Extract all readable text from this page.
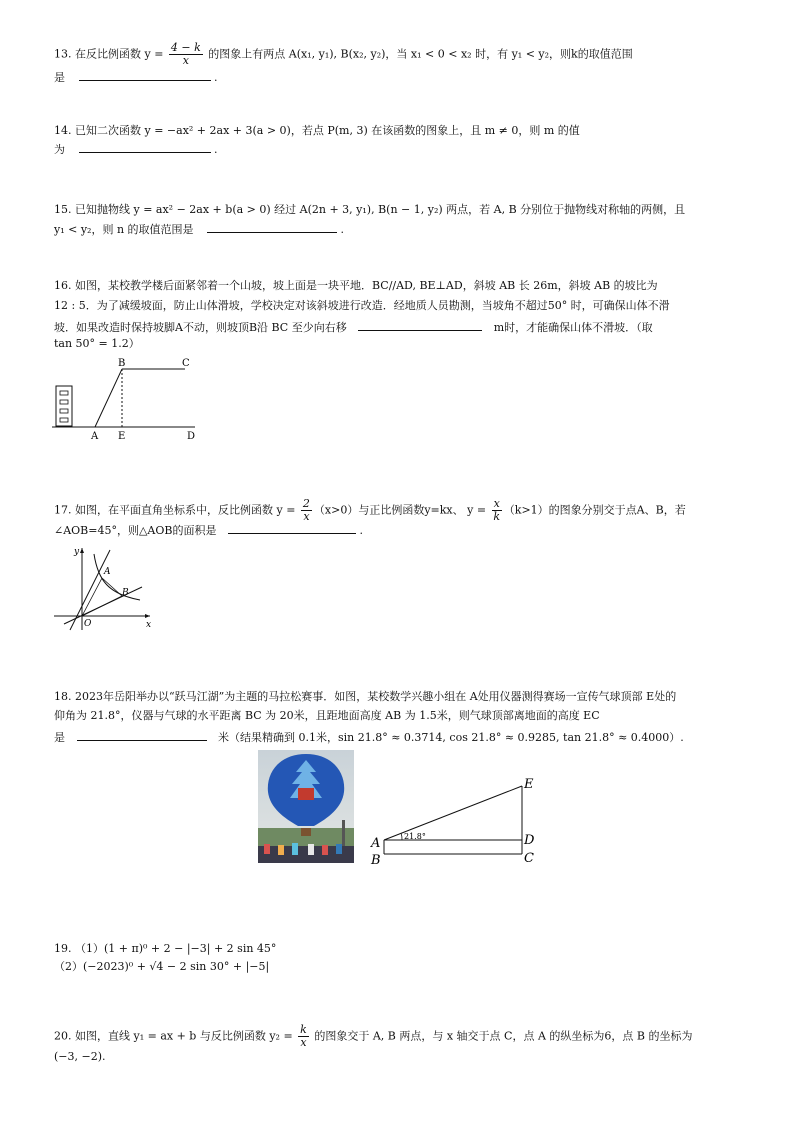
13. 在反比例函数 $y = \frac{4 - k}{x}$ 的图象上有两点 A(x₁, y₁), B(x₂, y₂)，当 x₁ < 0 < x₂ 时，有 y₁ < y₂，则k的取值范围
是	.
14. 已知二次函数 y = −ax² + 2ax + 3(a > 0)，若点 P(m, 3) 在该函数的图象上，且 m ≠ 0，则 m 的值
为	.
15. 已知抛物线 y = ax² − 2ax + b(a > 0) 经过 A(2n + 3, y₁), B(n − 1, y₂) 两点，若 A, B 分别位于抛物线对称轴的两侧，且
y₁ < y₂，则 n 的取值范围是	.
16. 如图，某校教学楼后面紧邻着一个山坡，坡上面是一块平地．BC//AD, BE⊥AD，斜坡 AB 长 26m，斜坡 AB 的坡比为
12 : 5．为了减缓坡面，防止山体滑坡，学校决定对该斜坡进行改造．经地质人员勘测，当坡角不超过50° 时，可确保山体不滑
坡．如果改造时保持坡脚A不动，则坡顶B沿 BC 至少向右移	m时，才能确保山体不滑坡．（取
tan 50° = 1.2）
B	C
A E	D
17. 如图，在平面直角坐标系中，反比例函数 $y = \frac{2}{x} (x>0)$与正比例函数y=kx、 $y = \frac{x}{k} (k>1)$的图象分别交于点A、B，若
∠AOB=45°，则△AOB的面积是	.
y
A
B
O	x
18. 2023年岳阳举办以“跃马江湖”为主题的马拉松赛事．如图，某校数学兴趣小组在 A处用仪器测得赛场一宣传气球顶部 E处的
仰角为 21.8°，仪器与气球的水平距离 BC 为 20米，且距地面高度 AB 为 1.5米，则气球顶部离地面的高度 EC
是	米（结果精确到 0.1米，sin 21.8° ≈ 0.3714, cos 21.8° ≈ 0.9285, tan 21.8° ≈ 0.4000）.
21.8°
E
A	D
B	C
19. （1）(1 + π)⁰ + 2 − |−3| + 2 sin 45°
（2）(−2023)⁰ + √4 − 2 sin 30° + |−5|
20. 如图，直线 y₁ = ax + b 与反比例函数 $y_2 = \frac{k}{x}$ 的图象交于 A, B 两点，与 x 轴交于点 C，点 A 的纵坐标为6，点 B 的坐标为
(−3, −2).
